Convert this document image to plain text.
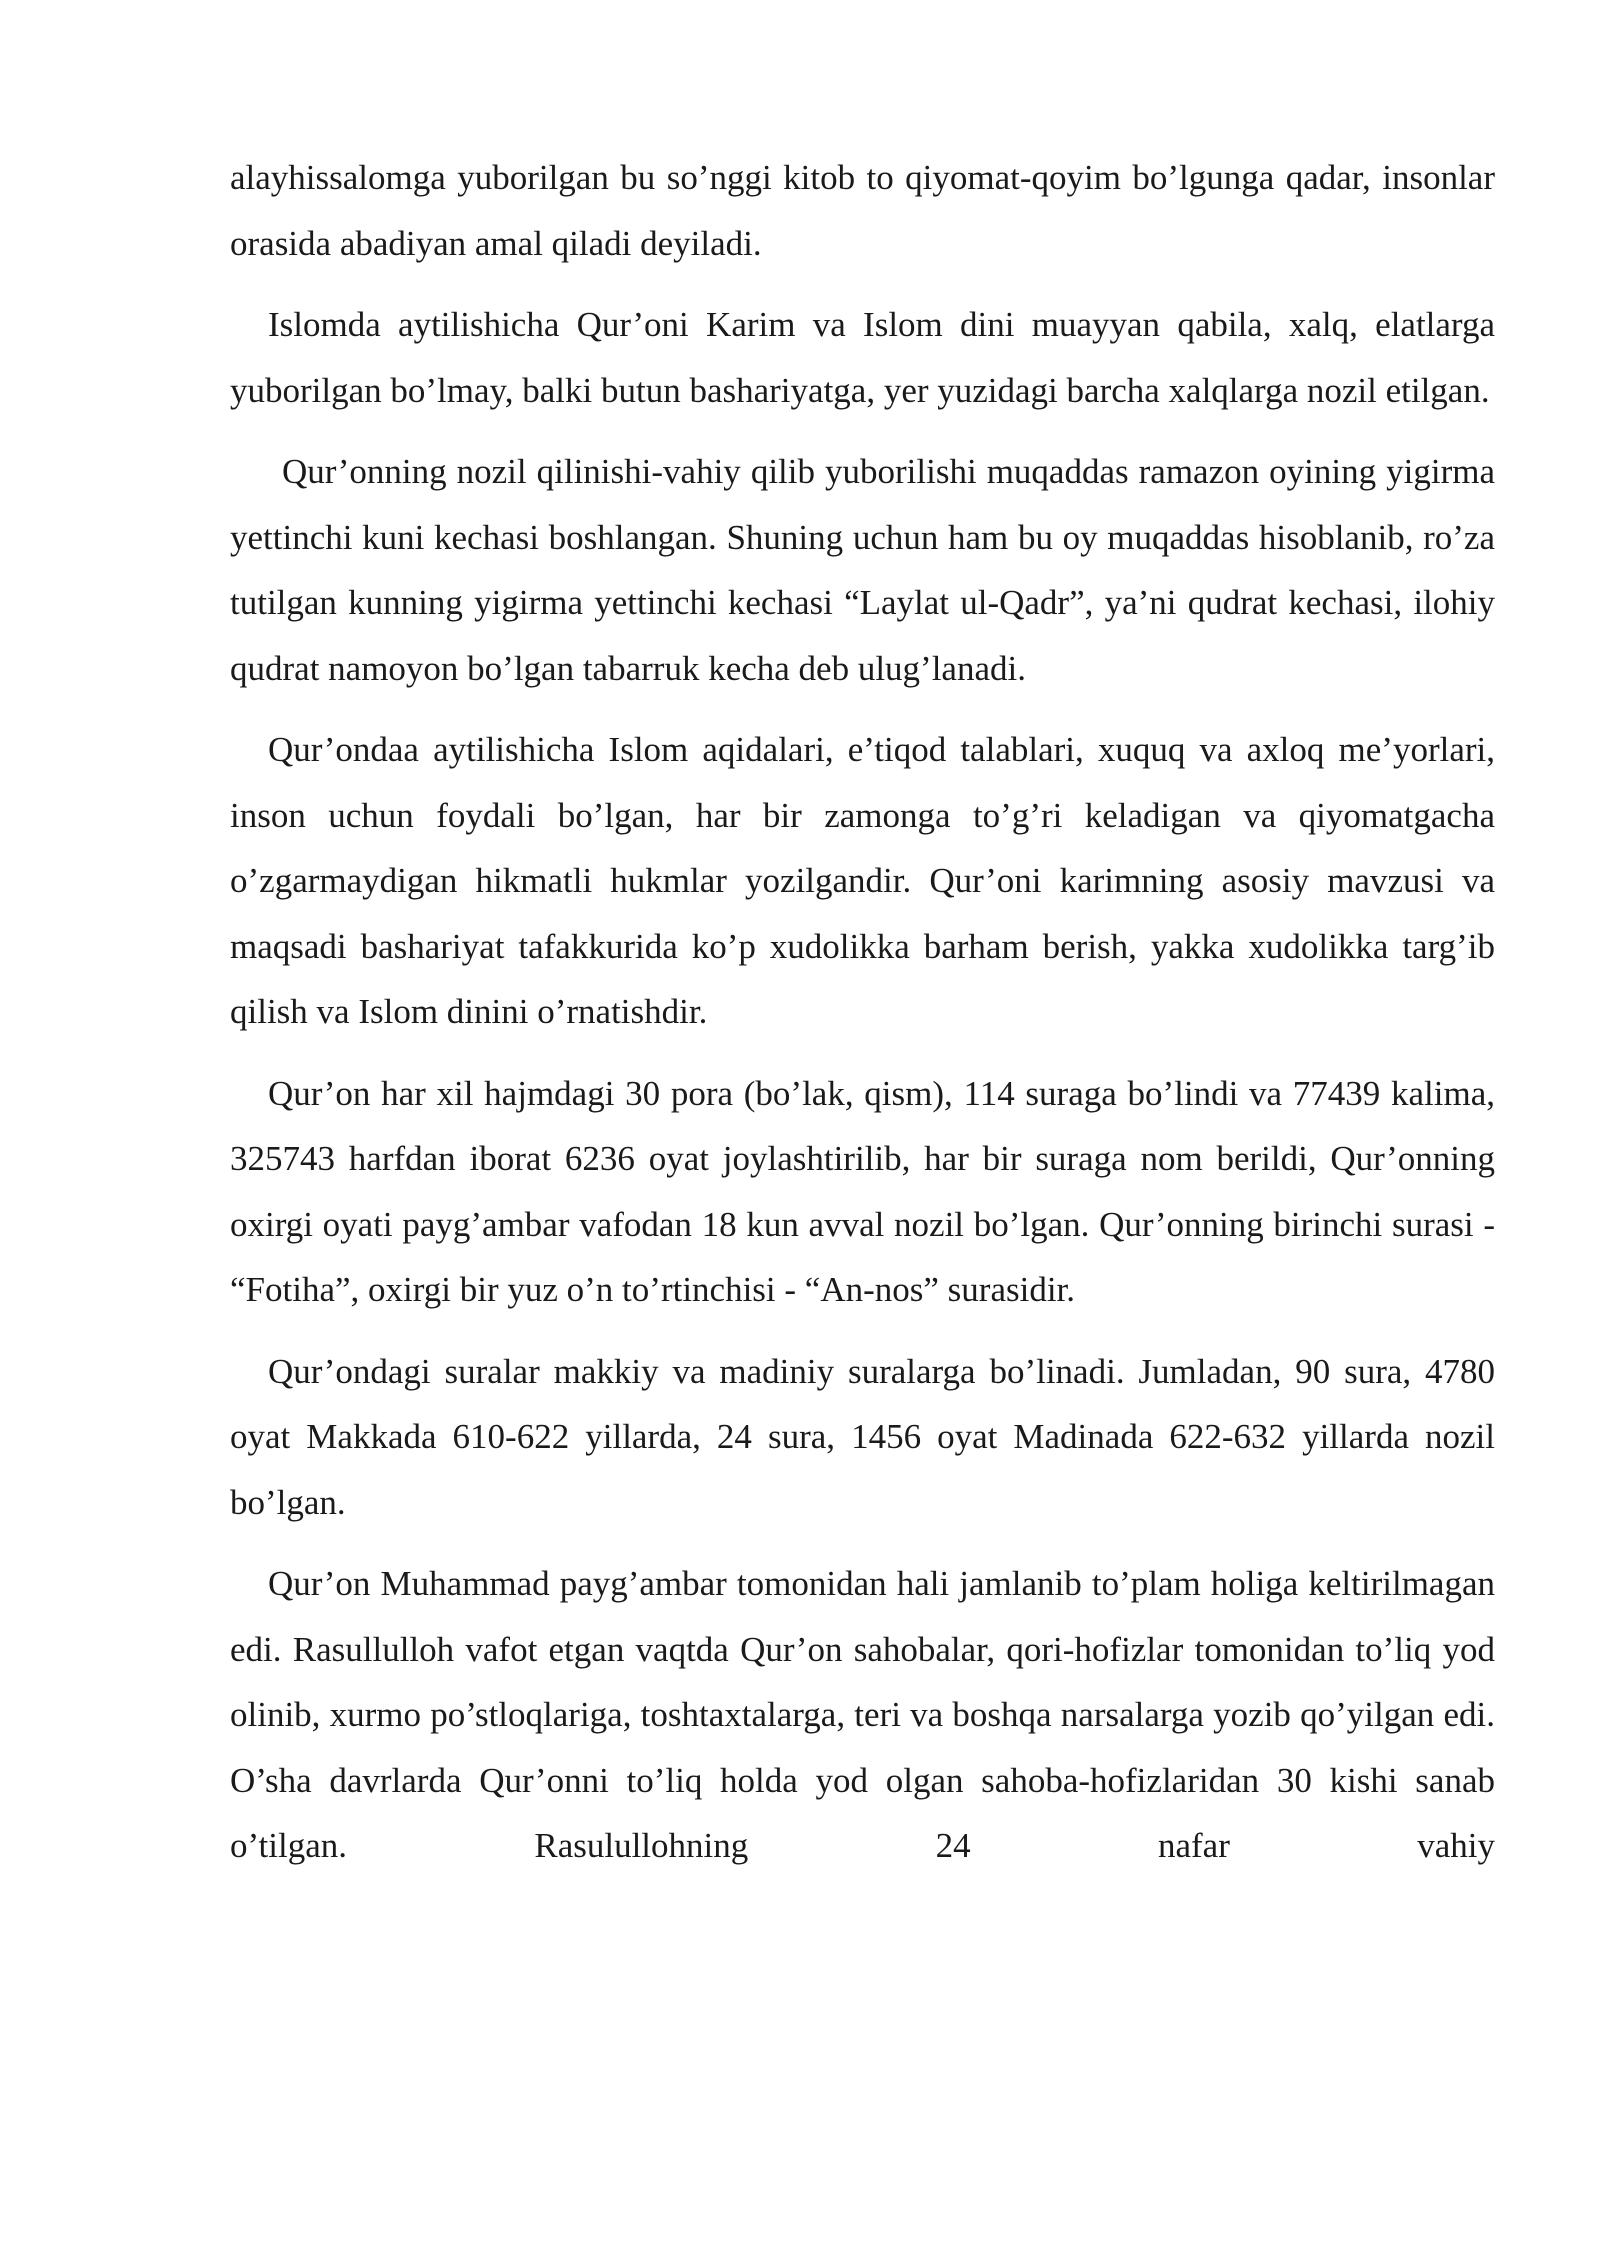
alayhissalomga yuborilgan bu so’nggi kitob to qiyomat-qoyim bo’lgunga qadar, insonlar orasida abadiyan amal qiladi deyiladi.

Islomda aytilishicha Qur’oni Karim va Islom dini muayyan qabila, xalq, elatlarga yuborilgan bo’lmay, balki butun bashariyatga, yer yuzidagi barcha xalqlarga nozil etilgan.

Qur’onning nozil qilinishi-vahiy qilib yuborilishi muqaddas ramazon oyining yigirma yettinchi kuni kechasi boshlangan. Shuning uchun ham bu oy muqaddas hisoblanib, ro’za tutilgan kunning yigirma yettinchi kechasi “Laylat ul-Qadr”, ya’ni qudrat kechasi, ilohiy qudrat namoyon bo’lgan tabarruk kecha deb ulug’lanadi.

Qur’ondaa aytilishicha Islom aqidalari, e’tiqod talablari, xuquq va axloq me’yorlari, inson uchun foydali bo’lgan, har bir zamonga to’g’ri keladigan va qiyomatgacha o’zgarmaydigan hikmatli hukmlar yozilgandir. Qur’oni karimning asosiy mavzusi va maqsadi bashariyat tafakkurida ko’p xudolikka barham berish, yakka xudolikka targ’ib qilish va Islom dinini o’rnatishdir.

Qur’on har xil hajmdagi 30 pora (bo’lak, qism), 114 suraga bo’lindi va 77439 kalima, 325743 harfdan iborat 6236 oyat joylashtirilib, har bir suraga nom berildi, Qur’onning oxirgi oyati payg’ambar vafodan 18 kun avval nozil bo’lgan. Qur’onning birinchi surasi - “Fotiha”, oxirgi bir yuz o’n to’rtinchisi - “An-nos” surasidir.

Qur’ondagi suralar makkiy va madiniy suralarga bo’linadi. Jumladan, 90 sura, 4780 oyat Makkada 610-622 yillarda, 24 sura, 1456 oyat Madinada 622-632 yillarda nozil bo’lgan.

Qur’on Muhammad payg’ambar tomonidan hali jamlanib to’plam holiga keltirilmagan edi. Rasullulloh vafot etgan vaqtda Qur’on sahobalar, qori-hofizlar tomonidan to’liq yod olinib, xurmo po’stloqlariga, toshtaxtalarga, teri va boshqa narsalarga yozib qo’yilgan edi. O’sha davrlarda Qur’onni to’liq holda yod olgan sahoba-hofizlaridan 30 kishi sanab o’tilgan. Rasulullohning 24 nafar vahiy
